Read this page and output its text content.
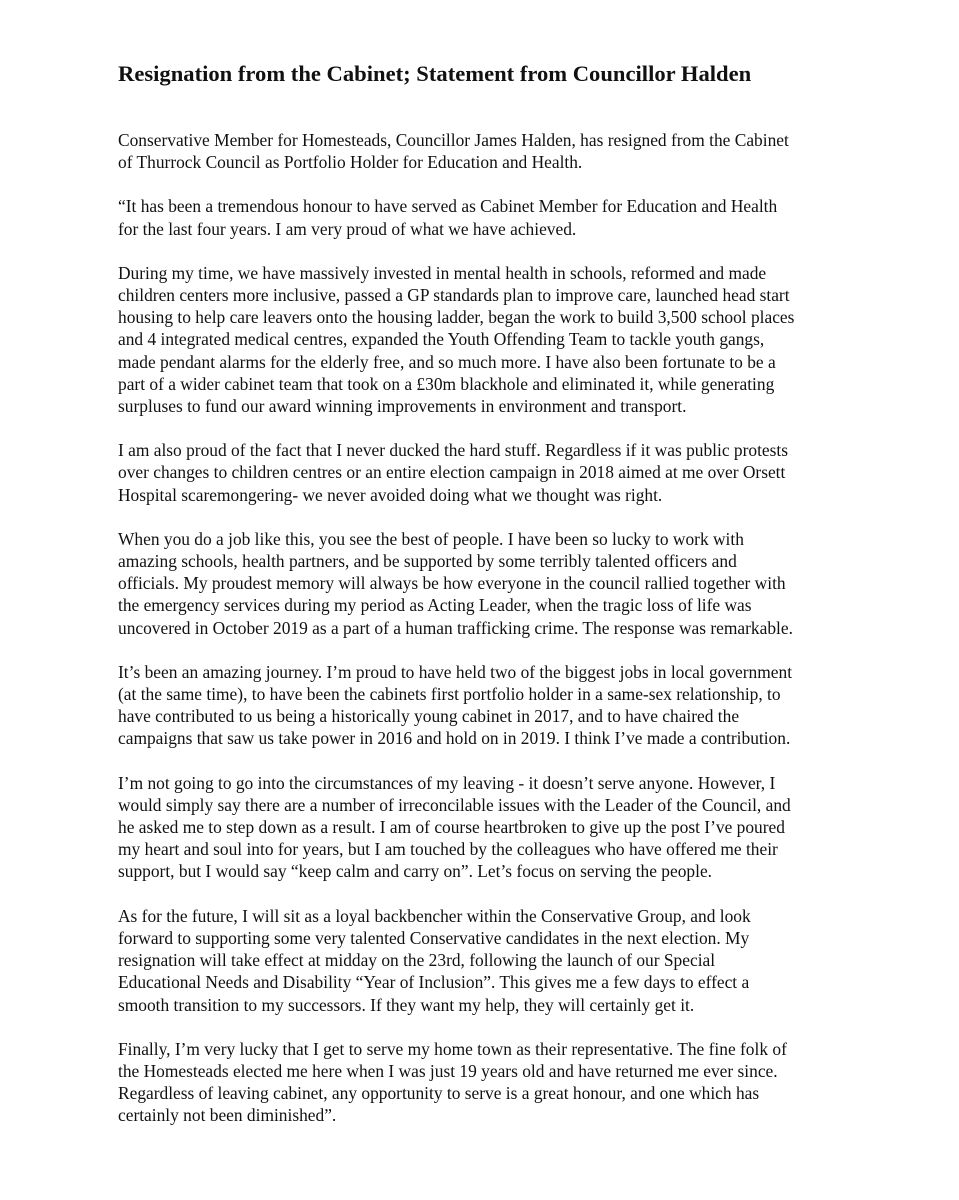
Resignation from the Cabinet; Statement from Councillor Halden

Conservative Member for Homesteads, Councillor James Halden, has resigned from the Cabinet
of Thurrock Council as Portfolio Holder for Education and Health.

“It has been a tremendous honour to have served as Cabinet Member for Education and Health
for the last four years. I am very proud of what we have achieved.

During my time, we have massively invested in mental health in schools, reformed and made
children centers more inclusive, passed a GP standards plan to improve care, launched head start
housing to help care leavers onto the housing ladder, began the work to build 3,500 school places
and 4 integrated medical centres, expanded the Youth Offending Team to tackle youth gangs,
made pendant alarms for the elderly free, and so much more. I have also been fortunate to be a
part of a wider cabinet team that took on a £30m blackhole and eliminated it, while generating
surpluses to fund our award winning improvements in environment and transport.

I am also proud of the fact that I never ducked the hard stuff. Regardless if it was public protests
over changes to children centres or an entire election campaign in 2018 aimed at me over Orsett
Hospital scaremongering- we never avoided doing what we thought was right.

When you do a job like this, you see the best of people. I have been so lucky to work with
amazing schools, health partners, and be supported by some terribly talented officers and
officials. My proudest memory will always be how everyone in the council rallied together with
the emergency services during my period as Acting Leader, when the tragic loss of life was
uncovered in October 2019 as a part of a human trafficking crime. The response was remarkable.

It’s been an amazing journey. I’m proud to have held two of the biggest jobs in local government
(at the same time), to have been the cabinets first portfolio holder in a same-sex relationship, to
have contributed to us being a historically young cabinet in 2017, and to have chaired the
campaigns that saw us take power in 2016 and hold on in 2019. I think I’ve made a contribution.

I’m not going to go into the circumstances of my leaving - it doesn’t serve anyone. However, I
would simply say there are a number of irreconcilable issues with the Leader of the Council, and
he asked me to step down as a result. I am of course heartbroken to give up the post I’ve poured
my heart and soul into for years, but I am touched by the colleagues who have offered me their
support, but I would say “keep calm and carry on”. Let’s focus on serving the people.

As for the future, I will sit as a loyal backbencher within the Conservative Group, and look
forward to supporting some very talented Conservative candidates in the next election. My
resignation will take effect at midday on the 23rd, following the launch of our Special
Educational Needs and Disability “Year of Inclusion”. This gives me a few days to effect a
smooth transition to my successors. If they want my help, they will certainly get it.

Finally, I’m very lucky that I get to serve my home town as their representative. The fine folk of
the Homesteads elected me here when I was just 19 years old and have returned me ever since.
Regardless of leaving cabinet, any opportunity to serve is a great honour, and one which has
certainly not been diminished”.
